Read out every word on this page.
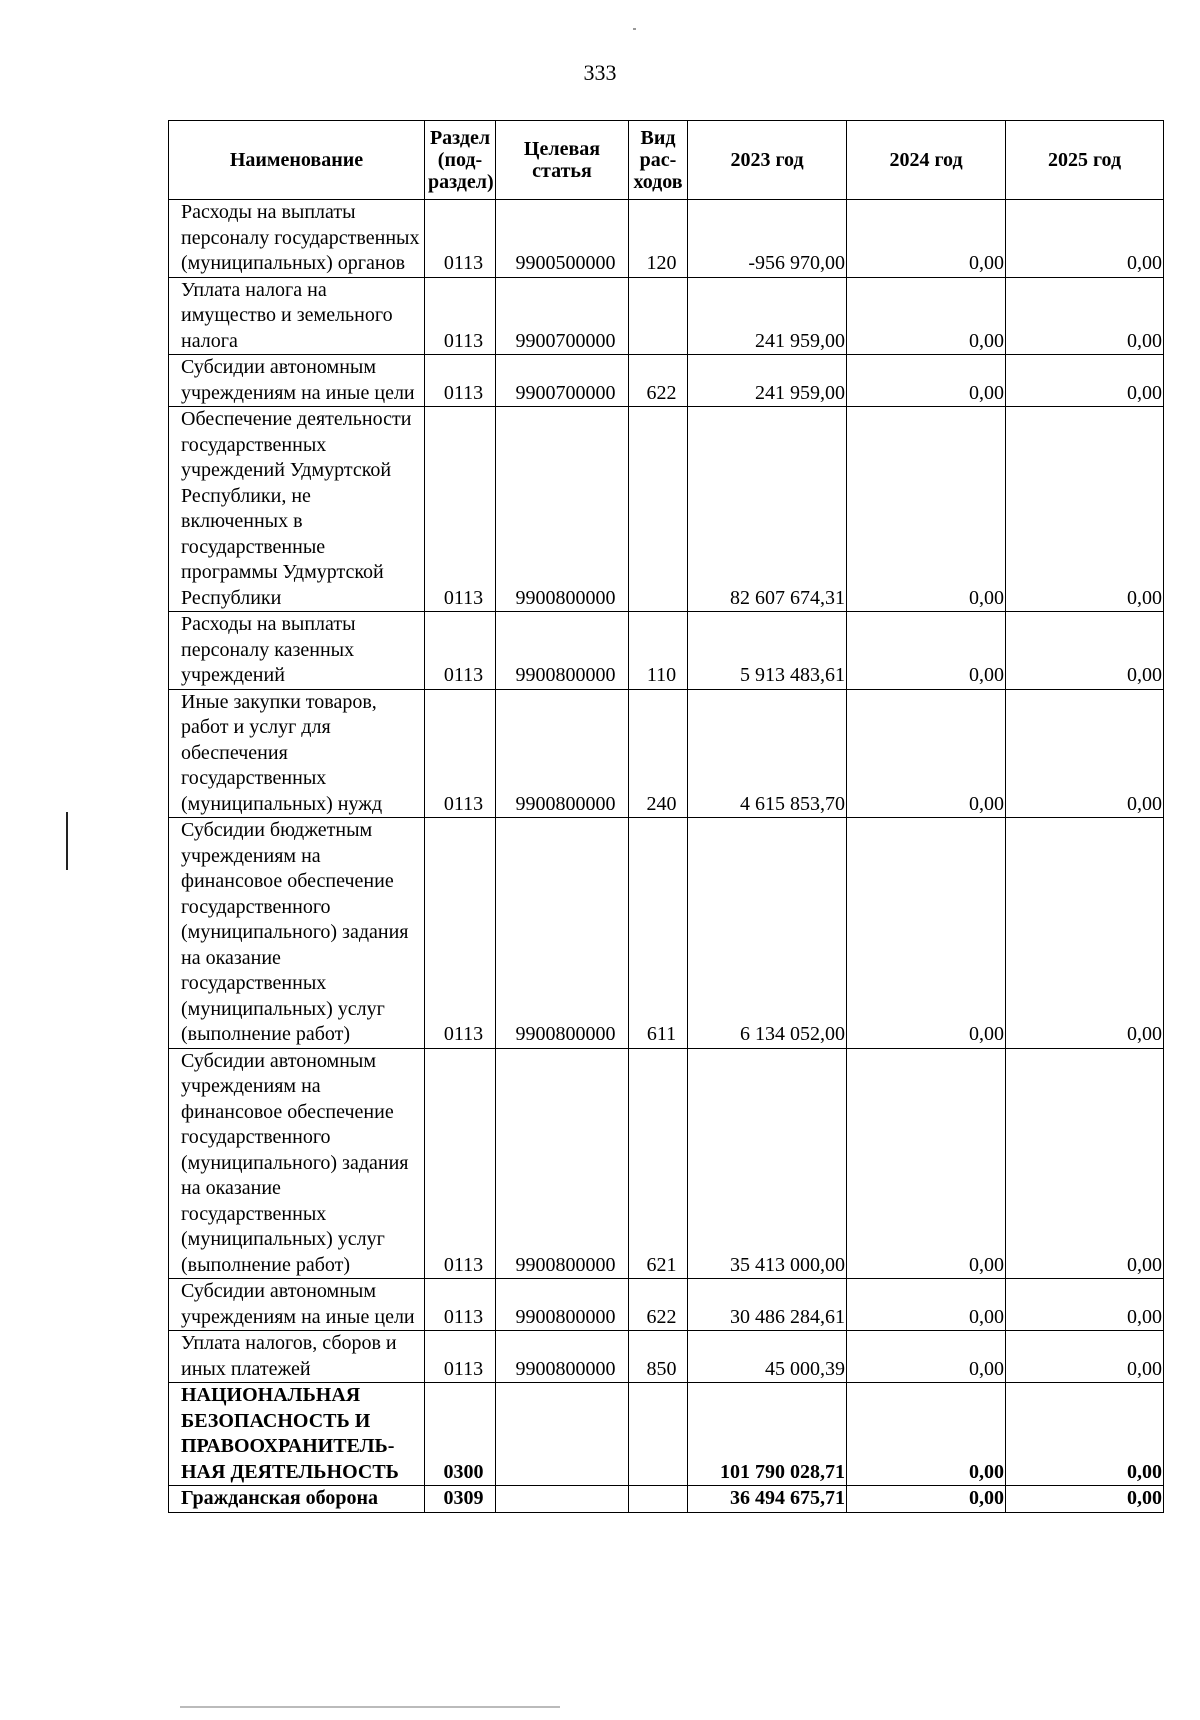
333
Наименование	Раздел (под-раздел)	Целевая статья	Вид рас-ходов	2023 год	2024 год	2025 год
Расходы на выплаты персоналу государственных (муниципальных) органов	0113	9900500000	120	-956 970,00	0,00	0,00
Уплата налога на имущество и земельного налога	0113	9900700000		241 959,00	0,00	0,00
Субсидии автономным учреждениям на иные цели	0113	9900700000	622	241 959,00	0,00	0,00
Обеспечение деятельности государственных учреждений Удмуртской Республики, не включенных в государственные программы Удмуртской Республики	0113	9900800000		82 607 674,31	0,00	0,00
Расходы на выплаты персоналу казенных учреждений	0113	9900800000	110	5 913 483,61	0,00	0,00
Иные закупки товаров, работ и услуг для обеспечения государственных (муниципальных) нужд	0113	9900800000	240	4 615 853,70	0,00	0,00
Субсидии бюджетным учреждениям на финансовое обеспечение государственного (муниципального) задания на оказание государственных (муниципальных) услуг (выполнение работ)	0113	9900800000	611	6 134 052,00	0,00	0,00
Субсидии автономным учреждениям на финансовое обеспечение государственного (муниципального) задания на оказание государственных (муниципальных) услуг (выполнение работ)	0113	9900800000	621	35 413 000,00	0,00	0,00
Субсидии автономным учреждениям на иные цели	0113	9900800000	622	30 486 284,61	0,00	0,00
Уплата налогов, сборов и иных платежей	0113	9900800000	850	45 000,39	0,00	0,00
НАЦИОНАЛЬНАЯ БЕЗОПАСНОСТЬ И ПРАВООХРАНИТЕЛЬ-НАЯ ДЕЯТЕЛЬНОСТЬ	0300			101 790 028,71	0,00	0,00
Гражданская оборона	0309			36 494 675,71	0,00	0,00
